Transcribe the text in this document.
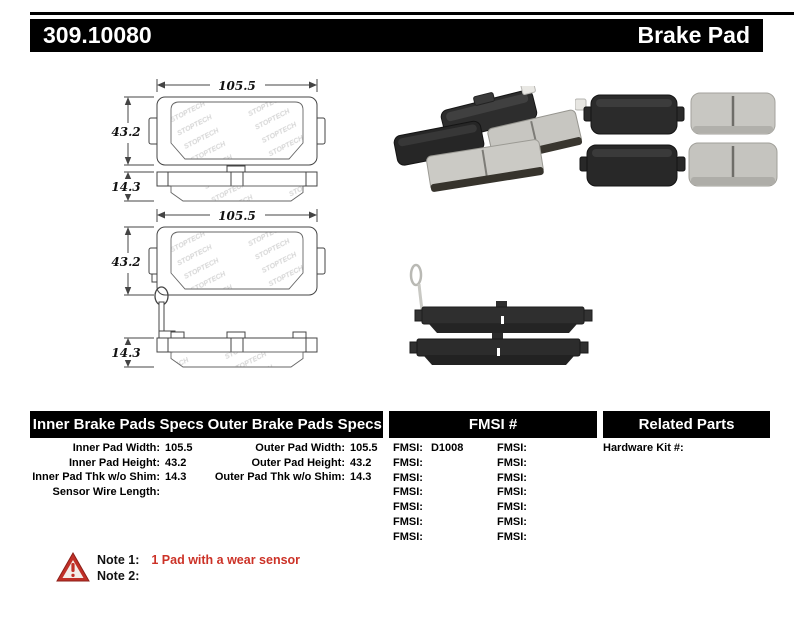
309.10080	Brake Pad
105.5
43.2
14.3
105.5
43.2
14.3
Inner Brake Pads Specs Outer Brake Pads Specs	FMSI #	Related Parts
Inner Pad Width: 105.5
Inner Pad Height: 43.2
Inner Pad Thk w/o Shim: 14.3
Sensor Wire Length:
Outer Pad Width: 105.5
Outer Pad Height: 43.2
Outer Pad Thk w/o Shim: 14.3
FMSI: D1008
FMSI:
FMSI:
FMSI:
FMSI:
FMSI:
FMSI:
FMSI:
FMSI:
FMSI:
FMSI:
FMSI:
FMSI:
FMSI:
Hardware Kit #:
Note 1: 1 Pad with a wear sensor
Note 2:
